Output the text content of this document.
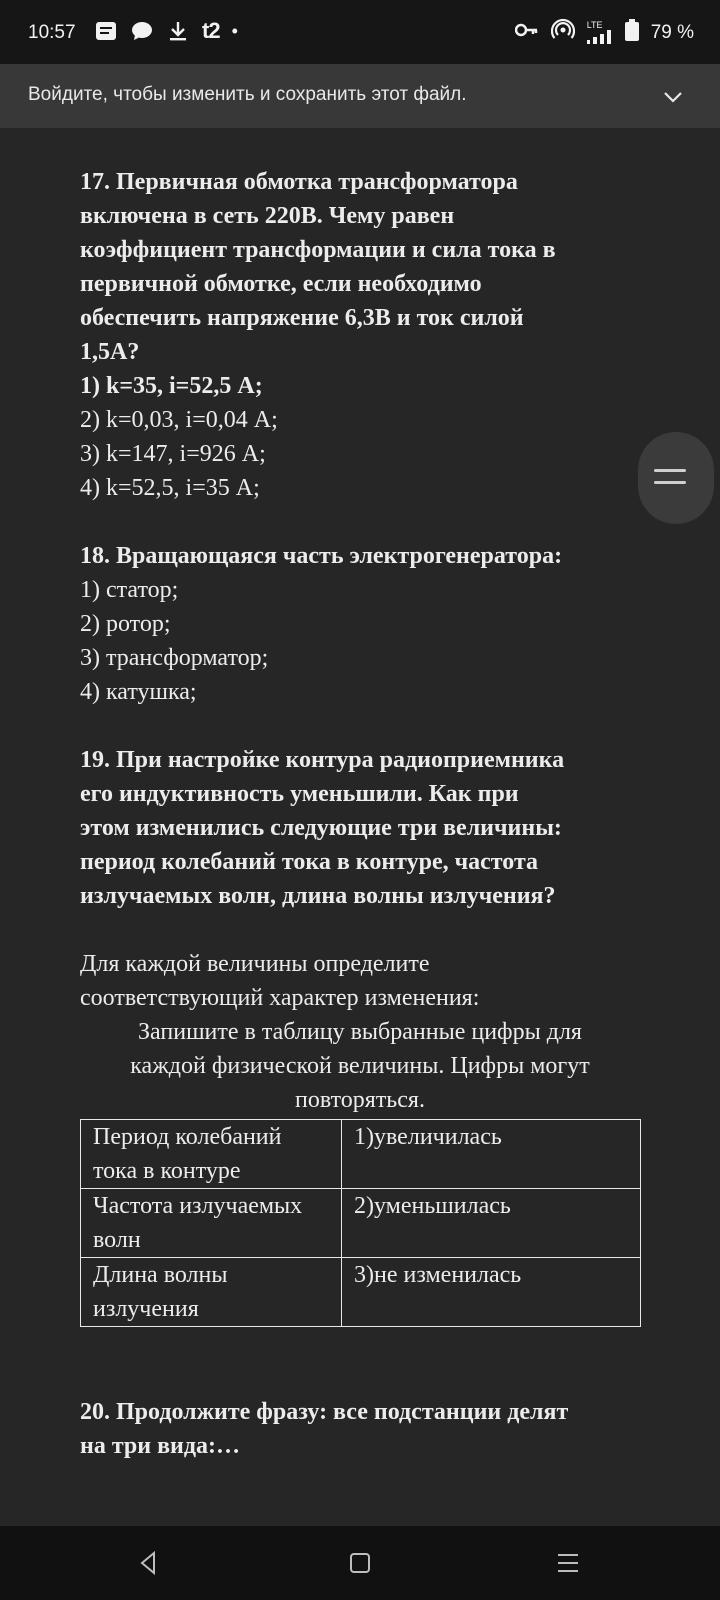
10:57	t2 •	LTE	79 %
Войдите, чтобы изменить и сохранить этот файл.

17. Первичная обмотка трансформатора

включена в сеть 220В. Чему равен

коэффициент трансформации и сила тока в

первичной обмотке, если необходимо

обеспечить напряжение 6,3В и ток силой

1,5А?

1) k=35, i=52,5 А;

2) k=0,03, i=0,04 А;

3) k=147, i=926 А;

4) k=52,5, i=35 А;

18. Вращающаяся часть электрогенератора:

1) статор;

2) ротор;

3) трансформатор;

4) катушка;

19. При настройке контура радиоприемника

его индуктивность уменьшили. Как при

этом изменились следующие три величины:

период колебаний тока в контуре, частота

излучаемых волн, длина волны излучения?

Для каждой величины определите

соответствующий характер изменения:

Запишите в таблицу выбранные цифры для

каждой физической величины. Цифры могут

повторяться.

Период колебаний тока в контуре	1)увеличилась
Частота излучаемых волн	2)уменьшилась
Длина волны излучения	3)не изменилась

20. Продолжите фразу: все подстанции делят

на три вида:…
